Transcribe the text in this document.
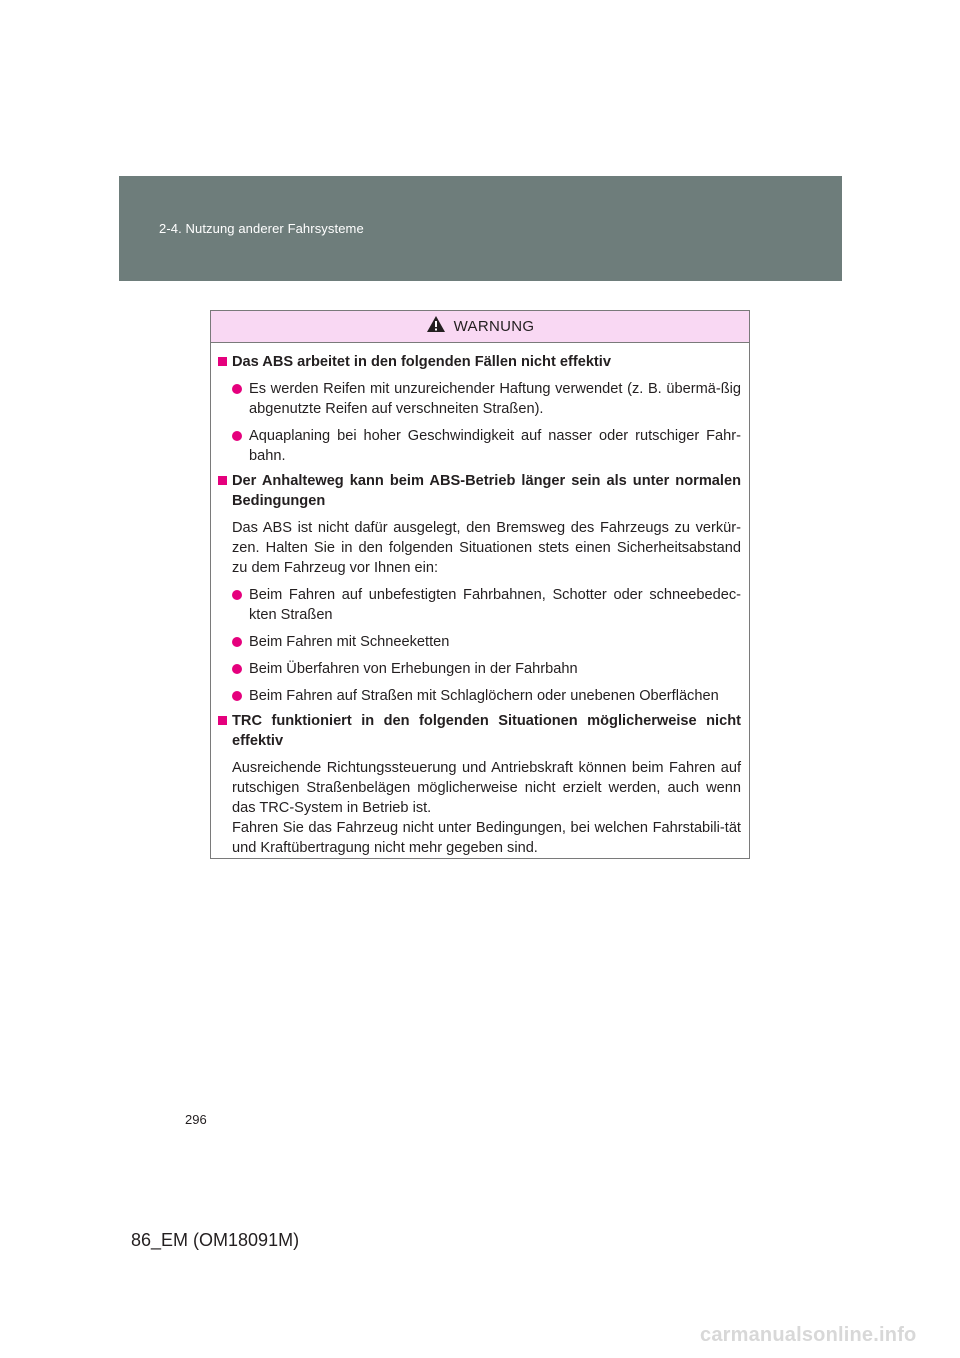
2-4. Nutzung anderer Fahrsysteme
WARNUNG
Das ABS arbeitet in den folgenden Fällen nicht effektiv
Es werden Reifen mit unzureichender Haftung verwendet (z. B. übermä-ßig abgenutzte Reifen auf verschneiten Straßen).
Aquaplaning bei hoher Geschwindigkeit auf nasser oder rutschiger Fahr-bahn.
Der Anhalteweg kann beim ABS-Betrieb länger sein als unter normalen Bedingungen
Das ABS ist nicht dafür ausgelegt, den Bremsweg des Fahrzeugs zu verkür-zen. Halten Sie in den folgenden Situationen stets einen Sicherheitsabstand zu dem Fahrzeug vor Ihnen ein:
Beim Fahren auf unbefestigten Fahrbahnen, Schotter oder schneebedec-kten Straßen
Beim Fahren mit Schneeketten
Beim Überfahren von Erhebungen in der Fahrbahn
Beim Fahren auf Straßen mit Schlaglöchern oder unebenen Oberflächen
TRC funktioniert in den folgenden Situationen möglicherweise nicht effektiv
Ausreichende Richtungssteuerung und Antriebskraft können beim Fahren auf rutschigen Straßenbelägen möglicherweise nicht erzielt werden, auch wenn das TRC-System in Betrieb ist.
Fahren Sie das Fahrzeug nicht unter Bedingungen, bei welchen Fahrstabili-tät und Kraftübertragung nicht mehr gegeben sind.
296
86_EM (OM18091M)
carmanualsonline.info
